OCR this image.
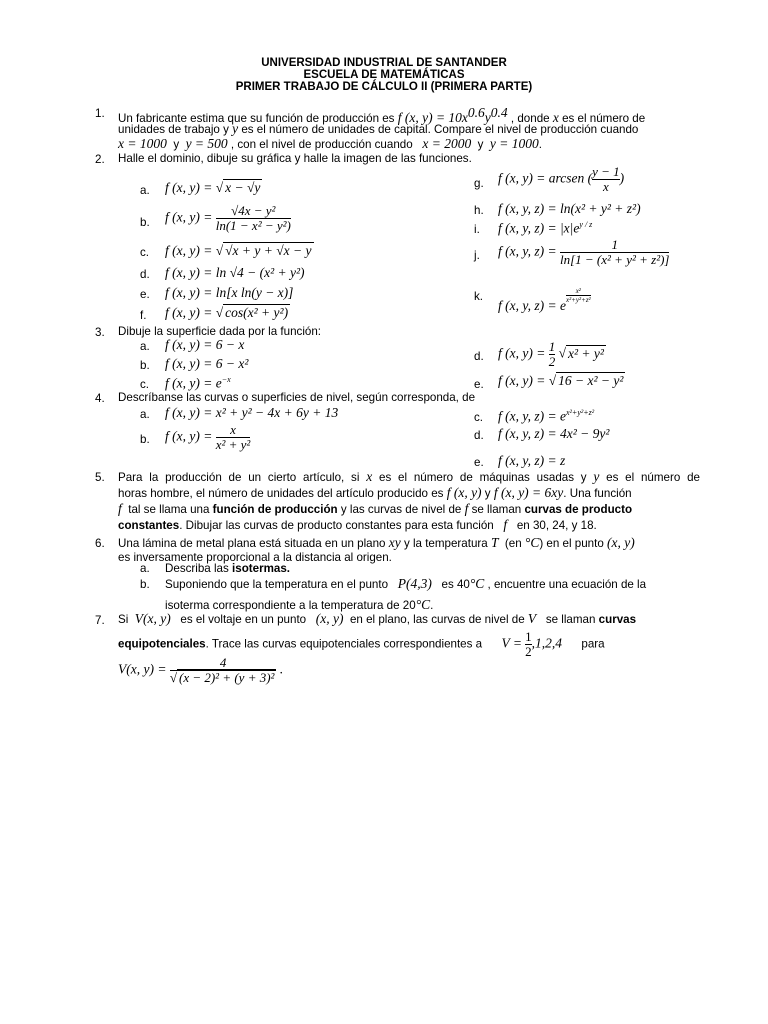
UNIVERSIDAD INDUSTRIAL DE SANTANDER
ESCUELA DE MATEMÁTICAS
PRIMER TRABAJO DE CÁLCULO II (PRIMERA PARTE)
1. Un fabricante estima que su función de producción es f (x, $y) = 10x^{0.6}y^{0.4}$ , donde x es el número de
unidades de trabajo y y es el número de unidades de capital. Compare el nivel de producción cuando
x = 1000 y y = 500 , con el nivel de producción cuando x = 2000 y y = 1000.
2. Halle el dominio, dibuje su gráfica y halle la imagen de las funciones.
a. f (x, y) = √ x − √y
b. f (x, $y) = \frac{\text{√4x − y²}}{\text{ln(1 − x² − y²)}}$
c. f (x, y) = √ √x + y + √x − y
d. f (x, y) = ln √4 − (x² + y²)
e. f (x, y) = ln[x ln(y − x)]
f. f (x, y) = √ cos(x² + y²)
g. f (x, y) = arcsen ( $\frac{y - 1}{x}$ )
h. f (x, y, z) = ln(x² + y² + z²)
i. f (x, y, $z) = |x|e^{y / z}$
j. f (x, y, $z) = \frac{1}{\text{ln[1 − (x² + y² + z²)]}}$
k.
f (x, y, z) = e
$\frac{\text{x²}}{\text{x²+y²+z²}}$
3. Dibuje la superficie dada por la función:
a. f (x, y) = 6 − x
b. f (x, y) = 6 − x²
c. f (x, $y) = e^{-x}$
d. f (x, $y) = \frac{1}{2}$ √ x² + y²
e. f (x, y) = √ 16 − x² − y²
4. Descríbanse las curvas o superficies de nivel, según corresponda, de
a. f (x, y) = x² + y² − 4x + 6y + 13
b. f (x, $y) = \frac{x}{\text{x² + y²}}$
c. f (x, y, $z) = e^{x^2+y^2+z^2}$
d. f (x, y, z) = 4x² − 9y²
e. f (x, y, z) = z
5. Para la producción de un cierto artículo, si x es el número de máquinas usadas y y es el número de
horas hombre, el número de unidades del artículo producido es f (x, y) y f (x, y) = 6xy. Una función
f tal se llama una función de producción y las curvas de nivel de f se llaman curvas de producto
constantes. Dibujar las curvas de producto constantes para esta función f en 30, 24, y 18.
6. Una lámina de metal plana está situada en un plano xy y la temperatura T (en °C) en el punto (x, y)
es inversamente proporcional a la distancia al origen.
a. Describa las isotermas.
b. Suponiendo que la temperatura en el punto P(4,3) es 40°C , encuentre una ecuación de la
isoterma correspondiente a la temperatura de 20°C.
7. Si V(x, y) es el voltaje en un punto (x, y) en el plano, las curvas de nivel de V se llaman curvas
equipotenciales. Trace las curvas equipotenciales correspondientes a $V = \frac{1}{2} ,1,2,4$ para
V(x, $y) = \frac{4}{\text{√ (x − 2)² + (y + 3)²}}$ .
